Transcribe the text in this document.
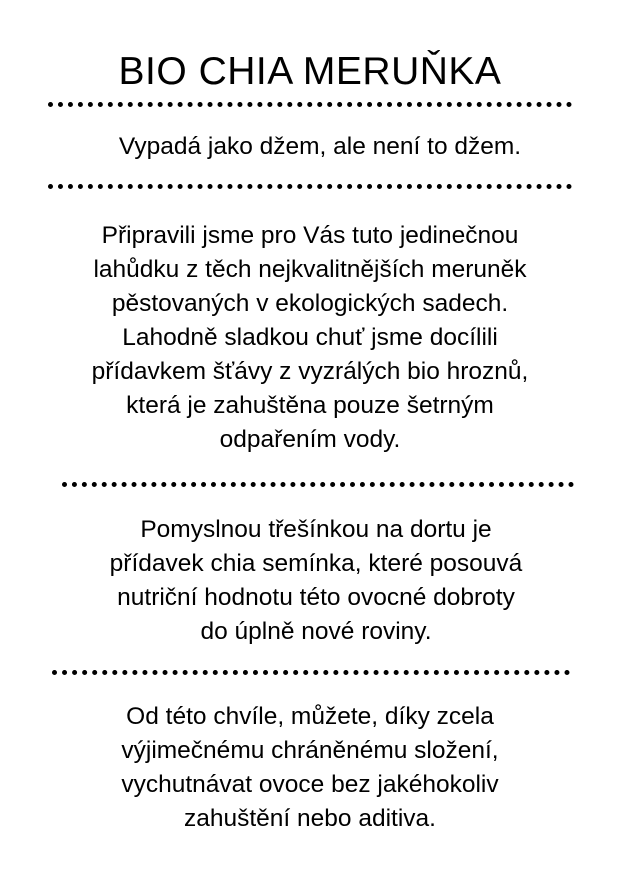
BIO CHIA MERUŇKA
Vypadá jako džem, ale není to džem.
Připravili jsme pro Vás tuto jedinečnou
lahůdku z těch nejkvalitnějších meruněk
pěstovaných v ekologických sadech.
Lahodně sladkou chuť jsme docílili
přídavkem šťávy z vyzrálých bio hroznů,
která je zahuštěna pouze šetrným
odpařením vody.
Pomyslnou třešínkou na dortu je
přídavek chia semínka, které posouvá
nutriční hodnotu této ovocné dobroty
do úplně nové roviny.
Od této chvíle, můžete, díky zcela
výjimečnému chráněnému složení,
vychutnávat ovoce bez jakéhokoliv
zahuštění nebo aditiva.
